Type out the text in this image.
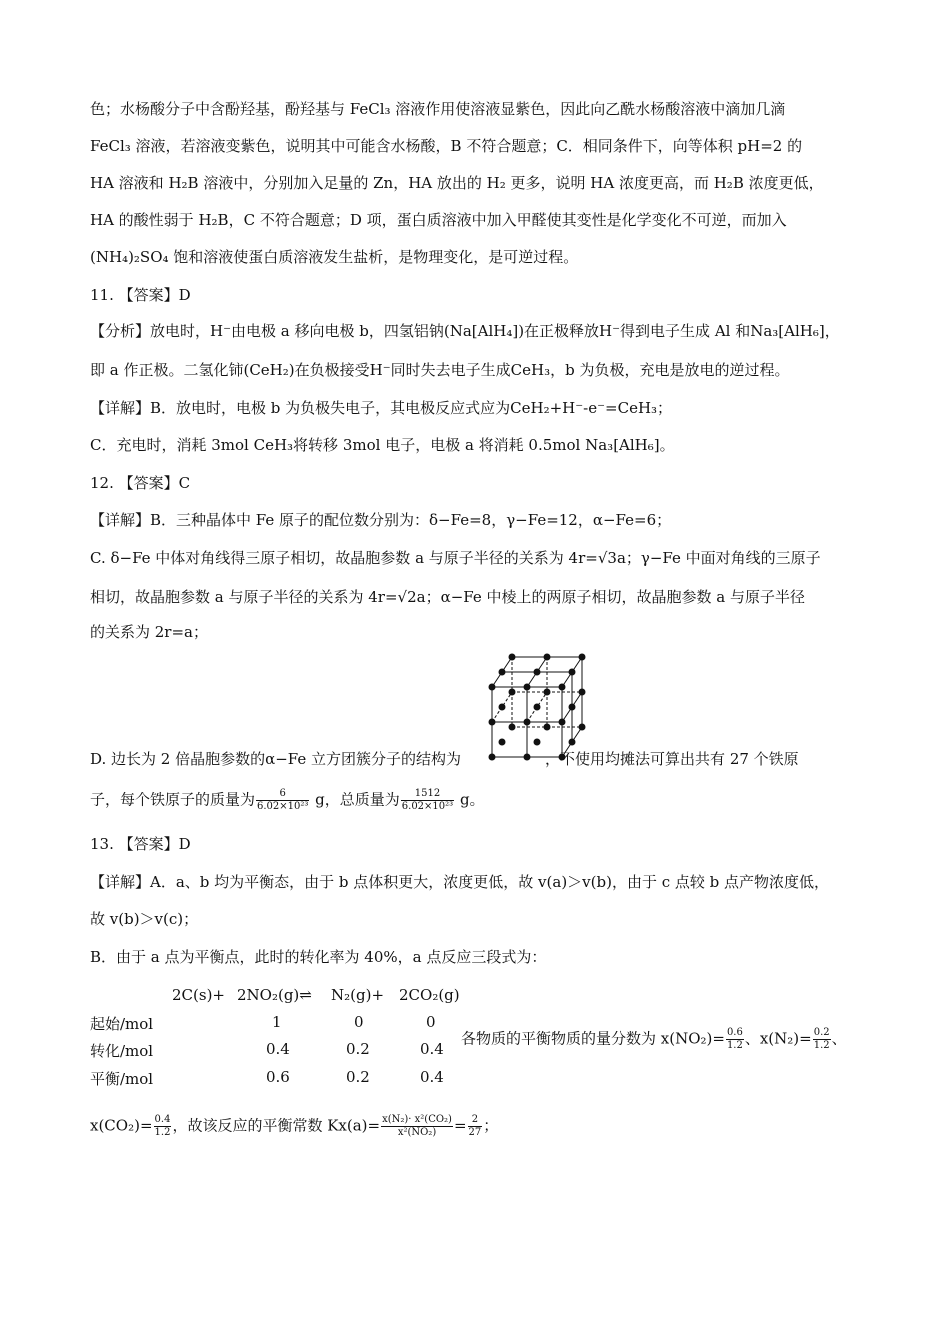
色；水杨酸分子中含酚羟基，酚羟基与 FeCl₃ 溶液作用使溶液显紫色，因此向乙酰水杨酸溶液中滴加几滴
FeCl₃ 溶液，若溶液变紫色，说明其中可能含水杨酸，B 不符合题意；C．相同条件下，向等体积 pH=2 的
HA 溶液和 H₂B 溶液中，分别加入足量的 Zn，HA 放出的 H₂ 更多，说明 HA 浓度更高，而 H₂B 浓度更低，
HA 的酸性弱于 H₂B，C 不符合题意；D 项，蛋白质溶液中加入甲醛使其变性是化学变化不可逆，而加入
(NH₄)₂SO₄ 饱和溶液使蛋白质溶液发生盐析，是物理变化，是可逆过程。
11. 【答案】D
【分析】放电时，H⁻由电极 a 移向电极 b，四氢铝钠(Na[AlH₄])在正极释放H⁻得到电子生成 Al 和Na₃[AlH₆]，
即 a 作正极。二氢化铈(CeH₂)在负极接受H⁻同时失去电子生成CeH₃，b 为负极，充电是放电的逆过程。
【详解】B．放电时，电极 b 为负极失电子，其电极反应式应为CeH₂+H⁻-e⁻=CeH₃；
C．充电时，消耗 3mol CeH₃将转移 3mol 电子，电极 a 将消耗 0.5mol Na₃[AlH₆]。
12. 【答案】C
【详解】B．三种晶体中 Fe 原子的配位数分别为：δ−Fe=8，γ−Fe=12，α−Fe=6；
C. δ−Fe 中体对角线得三原子相切，故晶胞参数 a 与原子半径的关系为 4r=√3a；γ−Fe 中面对角线的三原子
相切，故晶胞参数 a 与原子半径的关系为 4r=√2a；α−Fe 中棱上的两原子相切，故晶胞参数 a 与原子半径
的关系为 2r=a；
D. 边长为 2 倍晶胞参数的α−Fe 立方团簇分子的结构为	，不使用均摊法可算出共有 27 个铁原
子，每个铁原子的质量为 $\frac{6}{\text{6.02×10²³}}$ g，总质量为 $\frac{1512}{\text{6.02×10²³}}$ g。
13. 【答案】D
【详解】A．a、b 均为平衡态，由于 b 点体积更大，浓度更低，故 v(a)＞v(b)，由于 c 点较 b 点产物浓度低，
故 v(b)＞v(c)；
B．由于 a 点为平衡点，此时的转化率为 40%，a 点反应三段式为：
2C(s)+ 2NO₂(g)⇌ N₂(g)+ 2CO₂(g)
起始/mol	1	0	0
转化/mol	0.4	0.2	0.4
平衡/mol	0.6	0.2	0.4
各物质的平衡物质的量分数为 $x(NO_2)= \frac{0.6}{1.2}$ 、$x(N_2)= \frac{0.2}{1.2}$ 、
$x(CO_2)= \frac{0.4}{1.2}$ ，故该反应的平衡常数 $Kx(a)= \frac{\text{x(N₂)· x²(CO₂)}}{\text{x²(NO₂)}} = \frac{2}{27}$ ；
